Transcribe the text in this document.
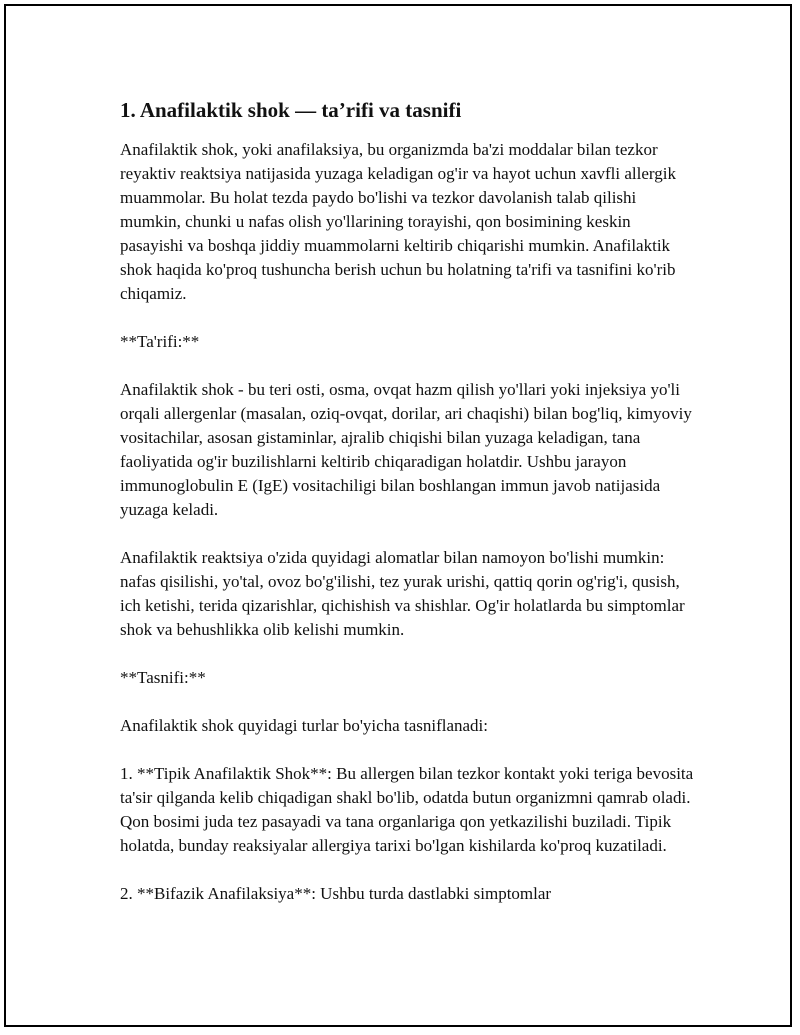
1. Anafilaktik shok — ta’rifi va tasnifi

Anafilaktik shok, yoki anafilaksiya, bu organizmda ba'zi moddalar bilan tezkor reyaktiv reaktsiya natijasida yuzaga keladigan og'ir va hayot uchun xavfli allergik muammolar. Bu holat tezda paydo bo'lishi va tezkor davolanish talab qilishi mumkin, chunki u nafas olish yo'llarining torayishi, qon bosimining keskin pasayishi va boshqa jiddiy muammolarni keltirib chiqarishi mumkin. Anafilaktik shok haqida ko'proq tushuncha berish uchun bu holatning ta'rifi va tasnifini ko'rib chiqamiz.

**Ta'rifi:**

Anafilaktik shok - bu teri osti, osma, ovqat hazm qilish yo'llari yoki injeksiya yo'li orqali allergenlar (masalan, oziq-ovqat, dorilar, ari chaqishi) bilan bog'liq, kimyoviy vositachilar, asosan gistaminlar, ajralib chiqishi bilan yuzaga keladigan, tana faoliyatida og'ir buzilishlarni keltirib chiqaradigan holatdir. Ushbu jarayon immunoglobulin E (IgE) vositachiligi bilan boshlangan immun javob natijasida yuzaga keladi.

Anafilaktik reaktsiya o'zida quyidagi alomatlar bilan namoyon bo'lishi mumkin: nafas qisilishi, yo'tal, ovoz bo'g'ilishi, tez yurak urishi, qattiq qorin og'rig'i, qusish, ich ketishi, terida qizarishlar, qichishish va shishlar. Og'ir holatlarda bu simptomlar shok va behushlikka olib kelishi mumkin.

**Tasnifi:**

Anafilaktik shok quyidagi turlar bo'yicha tasniflanadi:

1. **Tipik Anafilaktik Shok**: Bu allergen bilan tezkor kontakt yoki teriga bevosita ta'sir qilganda kelib chiqadigan shakl bo'lib, odatda butun organizmni qamrab oladi. Qon bosimi juda tez pasayadi va tana organlariga qon yetkazilishi buziladi. Tipik holatda, bunday reaksiyalar allergiya tarixi bo'lgan kishilarda ko'proq kuzatiladi.

2. **Bifazik Anafilaksiya**: Ushbu turda dastlabki simptomlar
